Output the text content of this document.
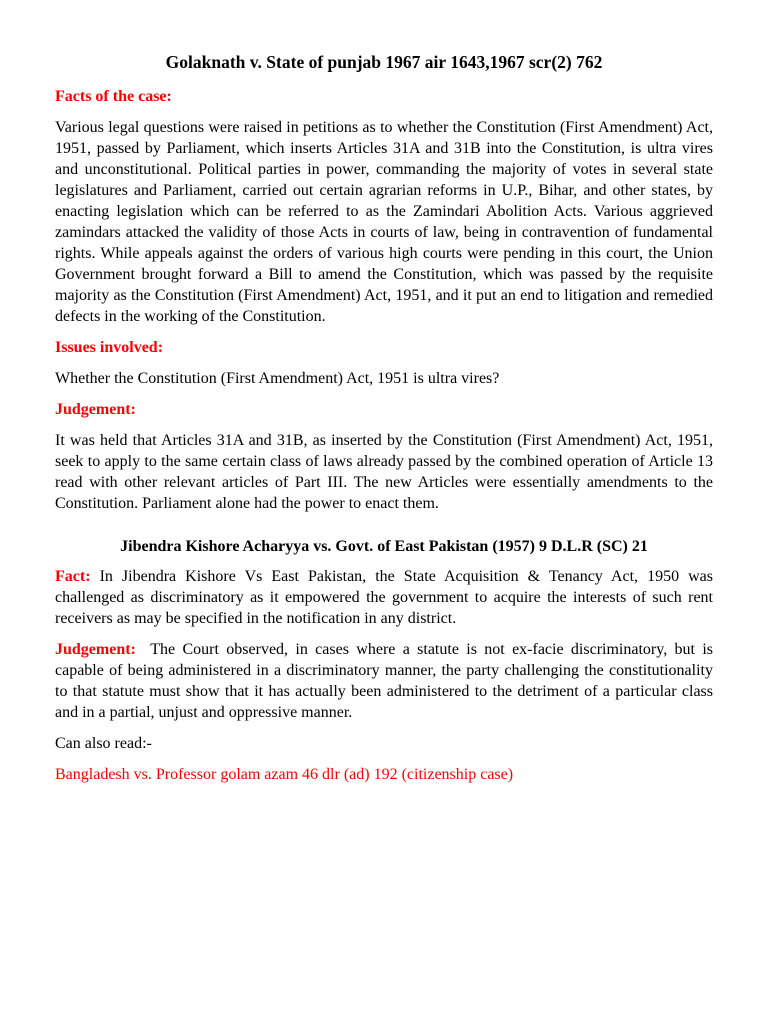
Golaknath v. State of punjab 1967 air 1643,1967 scr(2) 762
Facts of the case:

Various legal questions were raised in petitions as to whether the Constitution (First Amendment) Act, 1951, passed by Parliament, which inserts Articles 31A and 31B into the Constitution, is ultra vires and unconstitutional. Political parties in power, commanding the majority of votes in several state legislatures and Parliament, carried out certain agrarian reforms in U.P., Bihar, and other states, by enacting legislation which can be referred to as the Zamindari Abolition Acts. Various aggrieved zamindars attacked the validity of those Acts in courts of law, being in contravention of fundamental rights. While appeals against the orders of various high courts were pending in this court, the Union Government brought forward a Bill to amend the Constitution, which was passed by the requisite majority as the Constitution (First Amendment) Act, 1951, and it put an end to litigation and remedied defects in the working of the Constitution.

Issues involved:

Whether the Constitution (First Amendment) Act, 1951 is ultra vires?

Judgement:

It was held that Articles 31A and 31B, as inserted by the Constitution (First Amendment) Act, 1951, seek to apply to the same certain class of laws already passed by the combined operation of Article 13 read with other relevant articles of Part III. The new Articles were essentially amendments to the Constitution. Parliament alone had the power to enact them.

Jibendra Kishore Acharyya vs. Govt. of East Pakistan (1957) 9 D.L.R (SC) 21

Fact: In Jibendra Kishore Vs East Pakistan, the State Acquisition & Tenancy Act, 1950 was challenged as discriminatory as it empowered the government to acquire the interests of such rent receivers as may be specified in the notification in any district.

Judgement:  The Court observed, in cases where a statute is not ex-facie discriminatory, but is capable of being administered in a discriminatory manner, the party challenging the constitutionality to that statute must show that it has actually been administered to the detriment of a particular class and in a partial, unjust and oppressive manner.

Can also read:-

Bangladesh vs. Professor golam azam 46 dlr (ad) 192 (citizenship case)
